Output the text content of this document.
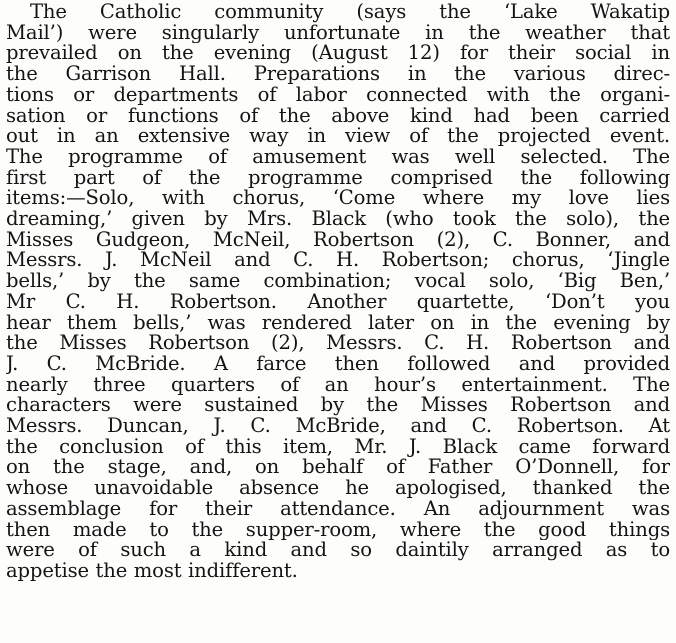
The Catholic community (says the ‘Lake Wakatip
Mail’) were singularly unfortunate in the weather that
prevailed on the evening (August 12) for their social in
the Garrison Hall. Preparations in the various direc-
tions or departments of labor connected with the organi-
sation or functions of the above kind had been carried
out in an extensive way in view of the projected event.
The programme of amusement was well selected. The
first part of the programme comprised the following
items:—Solo, with chorus, ‘Come where my love lies
dreaming,’ given by Mrs. Black (who took the solo), the
Misses Gudgeon, McNeil, Robertson (2), C. Bonner, and
Messrs. J. McNeil and C. H. Robertson; chorus, ‘Jingle
bells,’ by the same combination; vocal solo, ‘Big Ben,’
Mr C. H. Robertson. Another quartette, ‘Don’t you
hear them bells,’ was rendered later on in the evening by
the Misses Robertson (2), Messrs. C. H. Robertson and
J. C. McBride. A farce then followed and provided
nearly three quarters of an hour’s entertainment. The
characters were sustained by the Misses Robertson and
Messrs. Duncan, J. C. McBride, and C. Robertson. At
the conclusion of this item, Mr. J. Black came forward
on the stage, and, on behalf of Father O’Donnell, for
whose unavoidable absence he apologised, thanked the
assemblage for their attendance. An adjournment was
then made to the supper-room, where the good things
were of such a kind and so daintily arranged as to
appetise the most indifferent.
